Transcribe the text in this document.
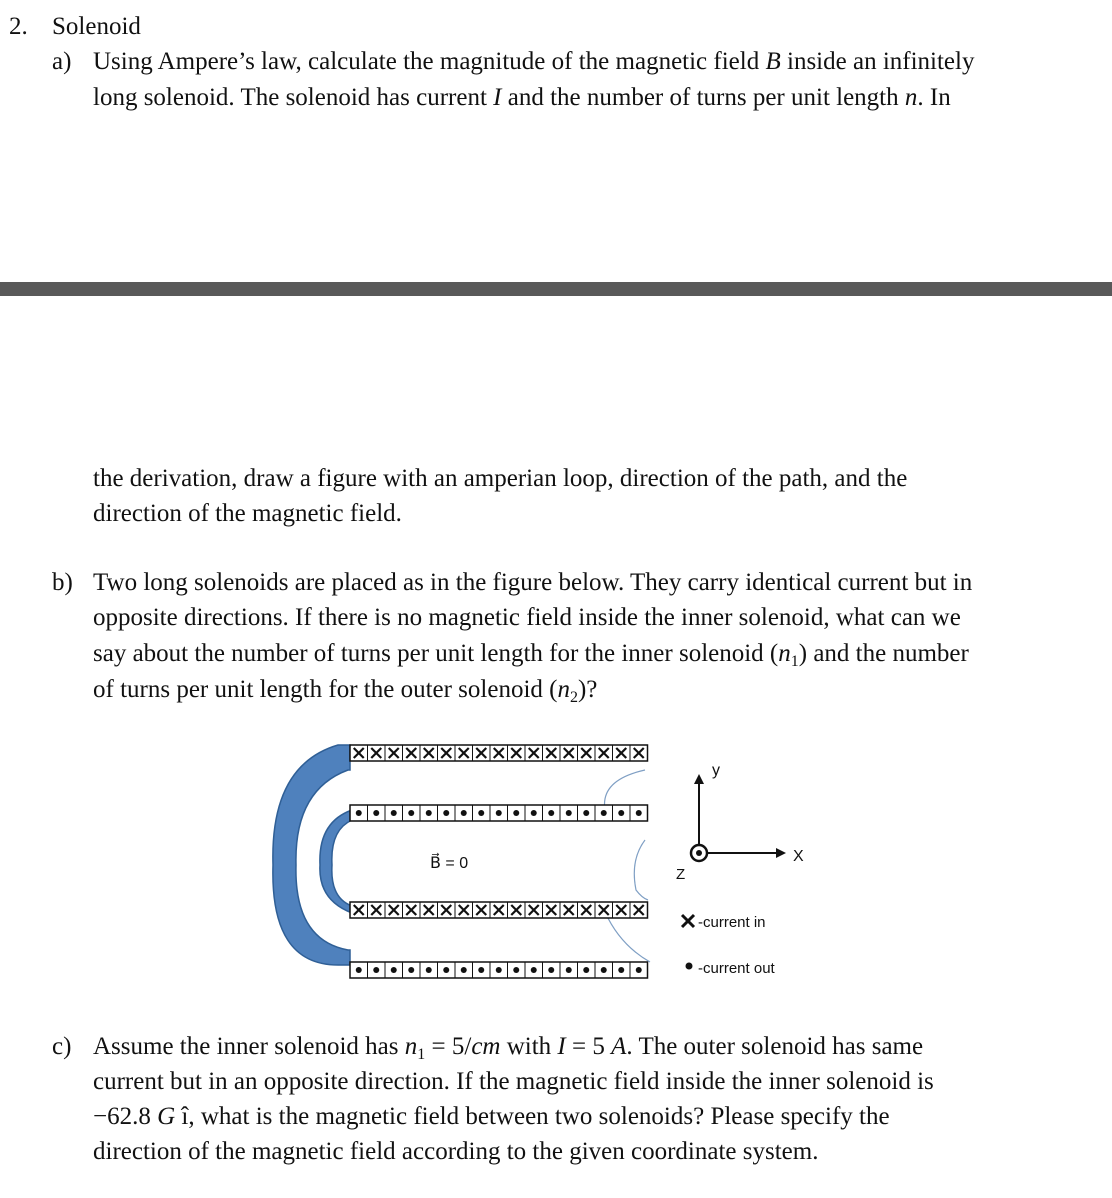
2. Solenoid
a) Using Ampere’s law, calculate the magnitude of the magnetic field B inside an infinitely
long solenoid. The solenoid has current I and the number of turns per unit length n. In
the derivation, draw a figure with an amperian loop, direction of the path, and the
direction of the magnetic field.
b) Two long solenoids are placed as in the figure below. They carry identical current but in
opposite directions. If there is no magnetic field inside the inner solenoid, what can we
say about the number of turns per unit length for the inner solenoid $(n_1)$ and the number
of turns per unit length for the outer solenoid $(n_2)$?
B⃗ = 0
y
X
Z
-current in
-current out
c) Assume the inner solenoid has $n_1 = 5/cm$ with I = 5 A. The outer solenoid has same
current but in an opposite direction. If the magnetic field inside the inner solenoid is
−62.8 G î, what is the magnetic field between two solenoids? Please specify the
direction of the magnetic field according to the given coordinate system.
